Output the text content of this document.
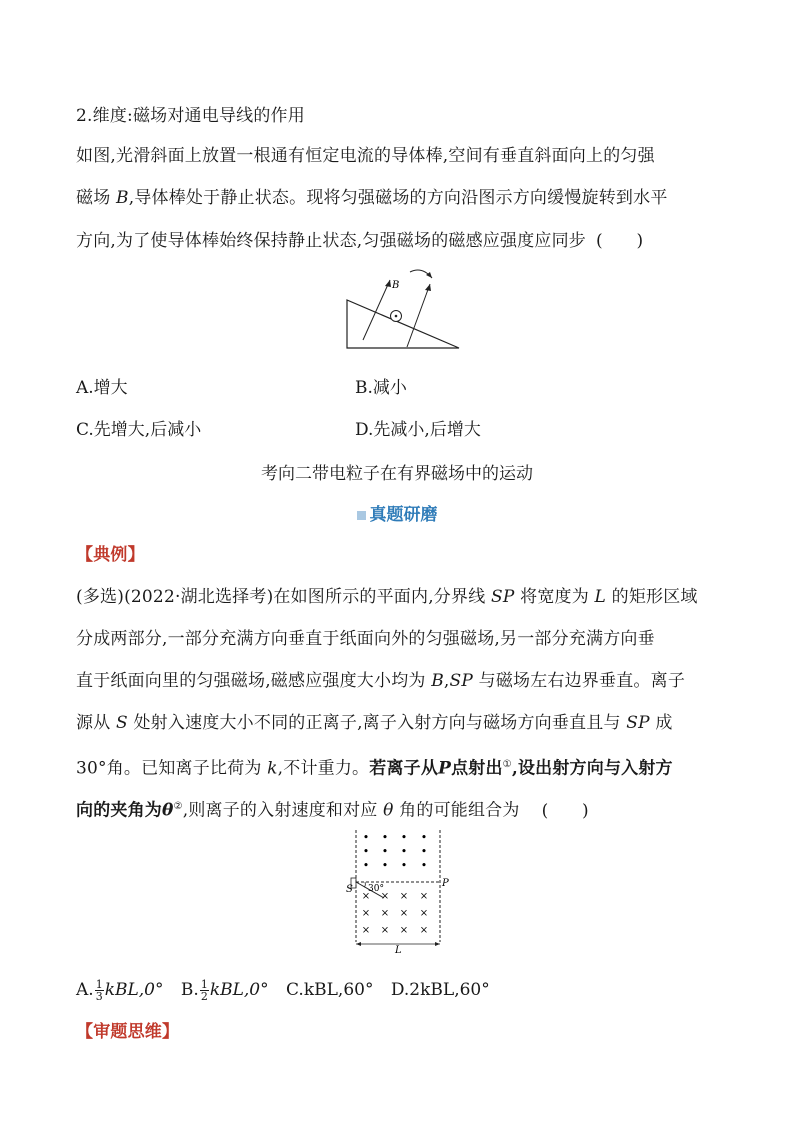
2.维度:磁场对通电导线的作用
如图,光滑斜面上放置一根通有恒定电流的导体棒,空间有垂直斜面向上的匀强
磁场 B,导体棒处于静止状态。现将匀强磁场的方向沿图示方向缓慢旋转到水平
方向,为了使导体棒始终保持静止状态,匀强磁场的磁感应强度应同步 (      )
B
A.增大	B.减小
C.先增大,后减小	D.先减小,后增大
考向二带电粒子在有界磁场中的运动
真题研磨
【典例】
(多选)(2022·湖北选择考)在如图所示的平面内,分界线 SP 将宽度为 L 的矩形区域
分成两部分,一部分充满方向垂直于纸面向外的匀强磁场,另一部分充满方向垂
直于纸面向里的匀强磁场,磁感应强度大小均为 B,SP 与磁场左右边界垂直。离子
源从 S 处射入速度大小不同的正离子,离子入射方向与磁场方向垂直且与 SP 成
30°角。已知离子比荷为 k,不计重力。若离子从P点射出①,设出射方向与入射方
向的夹角为θ②,则离子的入射速度和对应 θ 角的可能组合为 (      )
• • • •
• • • •
• • • •
× × × ×
× × × ×
× × × ×
S
P
30°
L
A. $\frac{1}{3} kBL,0^\circ$ B. $\frac{1}{2} kBL,0^\circ$ C.kBL,60° D.2kBL,60°
【审题思维】
